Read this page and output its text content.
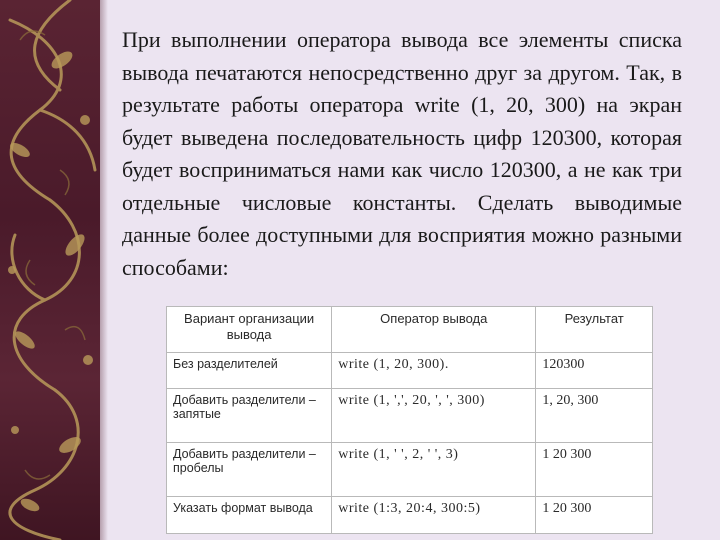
При выполнении оператора вывода все элементы списка вывода печатаются непосредственно друг за другом. Так, в результате работы оператора write (1, 20, 300) на экран будет выведена последовательность цифр 120300, которая будет восприниматься нами как число 120300, а не как три отдельные числовые константы. Сделать выводимые данные более доступными для восприятия можно разными способами:

Вариант организации вывода	Оператор вывода	Результат
Без разделителей	write (1, 20, 300).	120300
Добавить разделители – запятые	write (1, ',', 20, ', ', 300)	1, 20, 300
Добавить разделители – пробелы	write (1, ' ', 2, ' ', 3)	1 20 300
Указать формат вывода	write (1:3, 20:4, 300:5)	1 20 300
